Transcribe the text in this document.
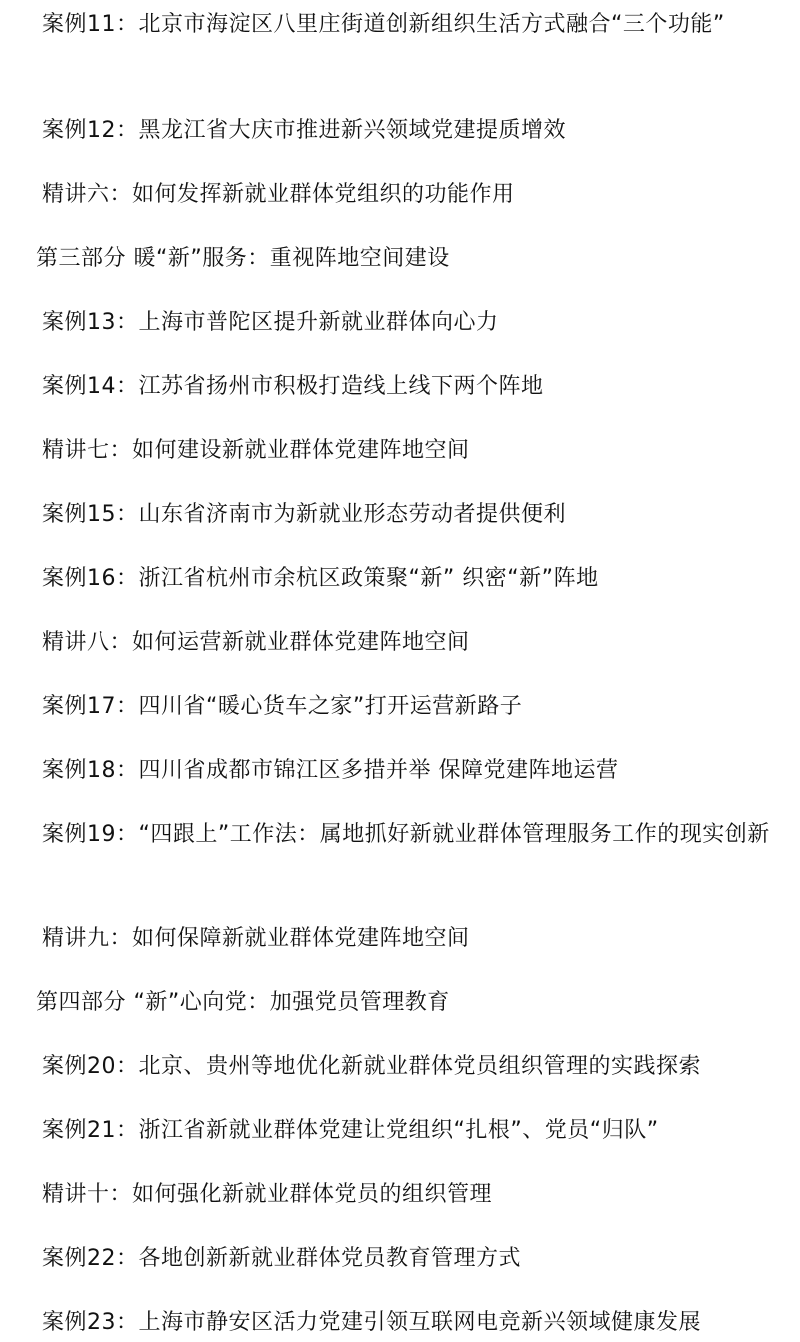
案例11：北京市海淀区八里庄街道创新组织生活方式融合“三个功能”
案例12：黑龙江省大庆市推进新兴领域党建提质增效
精讲六：如何发挥新就业群体党组织的功能作用
第三部分 暖“新”服务：重视阵地空间建设
案例13：上海市普陀区提升新就业群体向心力
案例14：江苏省扬州市积极打造线上线下两个阵地
精讲七：如何建设新就业群体党建阵地空间
案例15：山东省济南市为新就业形态劳动者提供便利
案例16：浙江省杭州市余杭区政策聚“新” 织密“新”阵地
精讲八：如何运营新就业群体党建阵地空间
案例17：四川省“暖心货车之家”打开运营新路子
案例18：四川省成都市锦江区多措并举 保障党建阵地运营
案例19：“四跟上”工作法：属地抓好新就业群体管理服务工作的现实创新
精讲九：如何保障新就业群体党建阵地空间
第四部分 “新”心向党：加强党员管理教育
案例20：北京、贵州等地优化新就业群体党员组织管理的实践探索
案例21：浙江省新就业群体党建让党组织“扎根”、党员“归队”
精讲十：如何强化新就业群体党员的组织管理
案例22：各地创新新就业群体党员教育管理方式
案例23：上海市静安区活力党建引领互联网电竞新兴领域健康发展
